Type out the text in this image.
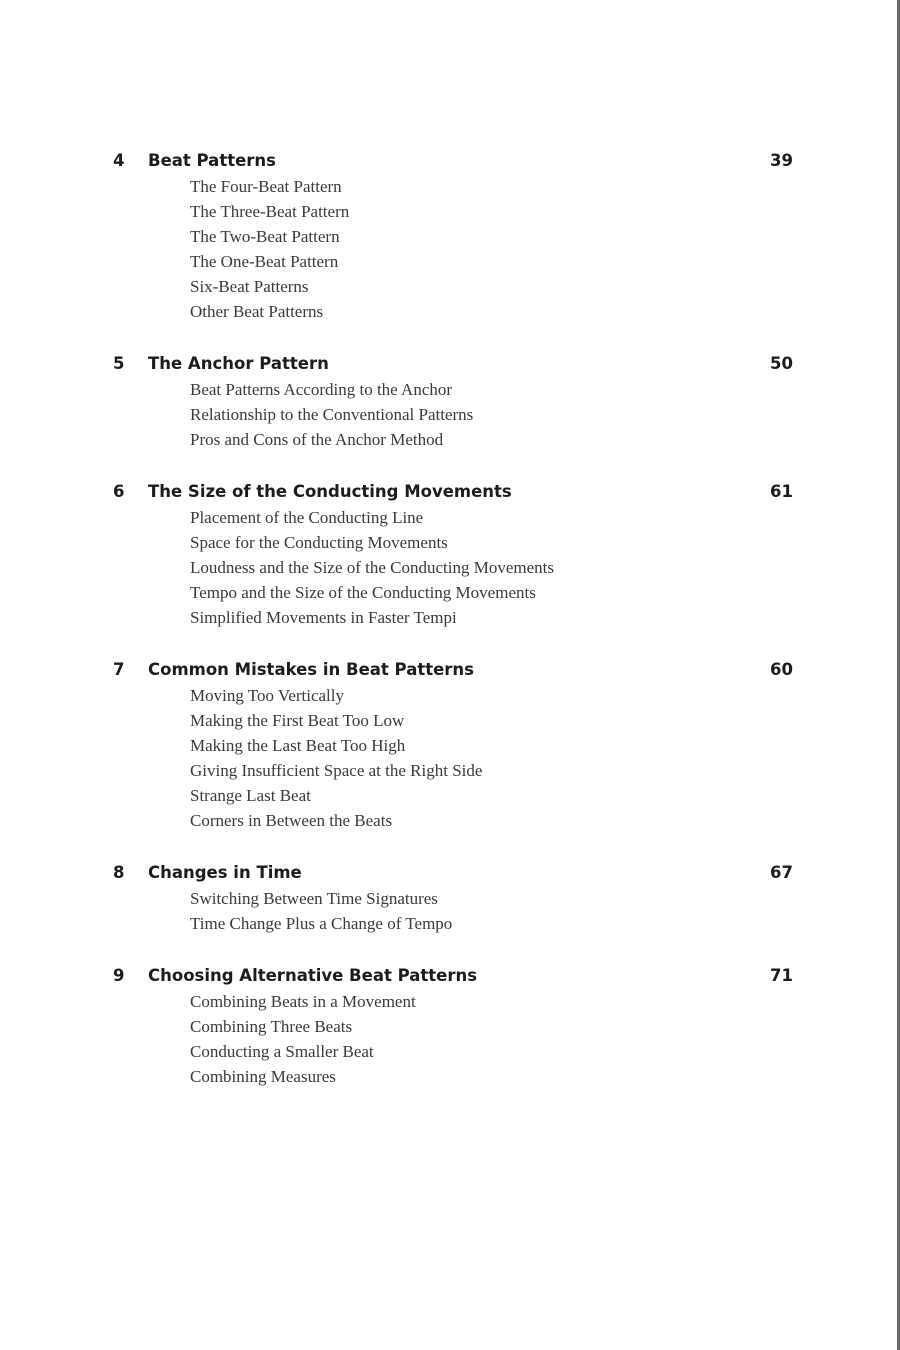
4	Beat Patterns	39
The Four-Beat Pattern
The Three-Beat Pattern
The Two-Beat Pattern
The One-Beat Pattern
Six-Beat Patterns
Other Beat Patterns
5	The Anchor Pattern	50
Beat Patterns According to the Anchor
Relationship to the Conventional Patterns
Pros and Cons of the Anchor Method
6	The Size of the Conducting Movements	61
Placement of the Conducting Line
Space for the Conducting Movements
Loudness and the Size of the Conducting Movements
Tempo and the Size of the Conducting Movements
Simplified Movements in Faster Tempi
7	Common Mistakes in Beat Patterns	60
Moving Too Vertically
Making the First Beat Too Low
Making the Last Beat Too High
Giving Insufficient Space at the Right Side
Strange Last Beat
Corners in Between the Beats
8	Changes in Time	67
Switching Between Time Signatures
Time Change Plus a Change of Tempo
9	Choosing Alternative Beat Patterns	71
Combining Beats in a Movement
Combining Three Beats
Conducting a Smaller Beat
Combining Measures
